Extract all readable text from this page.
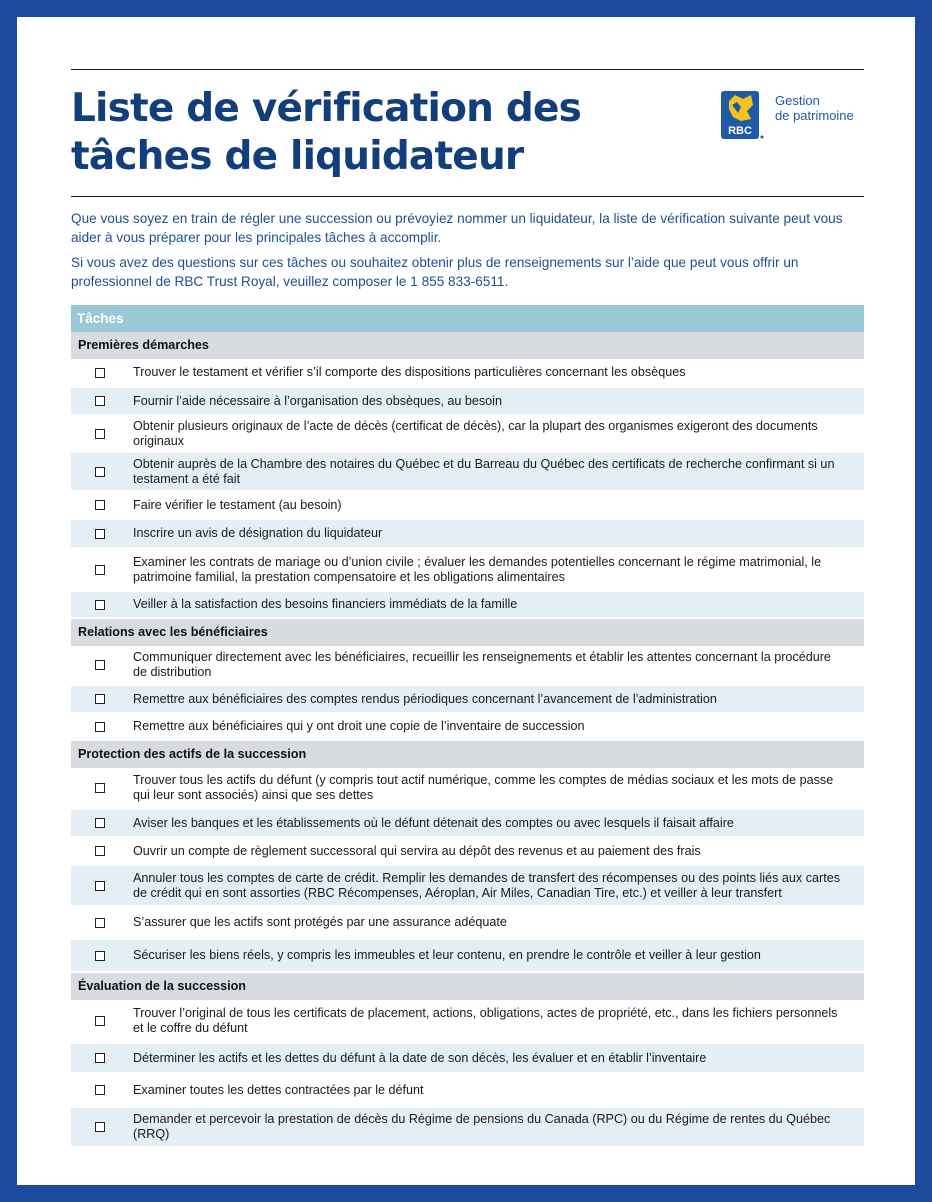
Liste de vérification des
tâches de liquidateur
RBC
Gestion
de patrimoine

Que vous soyez en train de régler une succession ou prévoyiez nommer un liquidateur, la liste de vérification suivante peut vous aider à vous préparer pour les principales tâches à accomplir.

Si vous avez des questions sur ces tâches ou souhaitez obtenir plus de renseignements sur l’aide que peut vous offrir un professionnel de RBC Trust Royal, veuillez composer le 1 855 833-6511.

Tâches
Premières démarches
Trouver le testament et vérifier s’il comporte des dispositions particulières concernant les obsèques
Fournir l’aide nécessaire à l’organisation des obsèques, au besoin
Obtenir plusieurs originaux de l’acte de décès (certificat de décès), car la plupart des organismes exigeront des documents originaux
Obtenir auprès de la Chambre des notaires du Québec et du Barreau du Québec des certificats de recherche confirmant si un testament a été fait
Faire vérifier le testament (au besoin)
Inscrire un avis de désignation du liquidateur
Examiner les contrats de mariage ou d’union civile ; évaluer les demandes potentielles concernant le régime matrimonial, le patrimoine familial, la prestation compensatoire et les obligations alimentaires
Veiller à la satisfaction des besoins financiers immédiats de la famille
Relations avec les bénéficiaires
Communiquer directement avec les bénéficiaires, recueillir les renseignements et établir les attentes concernant la procédure de distribution
Remettre aux bénéficiaires des comptes rendus périodiques concernant l’avancement de l’administration
Remettre aux bénéficiaires qui y ont droit une copie de l’inventaire de succession
Protection des actifs de la succession
Trouver tous les actifs du défunt (y compris tout actif numérique, comme les comptes de médias sociaux et les mots de passe qui leur sont associés) ainsi que ses dettes
Aviser les banques et les établissements où le défunt détenait des comptes ou avec lesquels il faisait affaire
Ouvrir un compte de règlement successoral qui servira au dépôt des revenus et au paiement des frais
Annuler tous les comptes de carte de crédit. Remplir les demandes de transfert des récompenses ou des points liés aux cartes de crédit qui en sont assorties (RBC Récompenses, Aéroplan, Air Miles, Canadian Tire, etc.) et veiller à leur transfert
S’assurer que les actifs sont protégés par une assurance adéquate
Sécuriser les biens réels, y compris les immeubles et leur contenu, en prendre le contrôle et veiller à leur gestion
Évaluation de la succession
Trouver l’original de tous les certificats de placement, actions, obligations, actes de propriété, etc., dans les fichiers personnels et le coffre du défunt
Déterminer les actifs et les dettes du défunt à la date de son décès, les évaluer et en établir l’inventaire
Examiner toutes les dettes contractées par le défunt
Demander et percevoir la prestation de décès du Régime de pensions du Canada (RPC) ou du Régime de rentes du Québec (RRQ)
